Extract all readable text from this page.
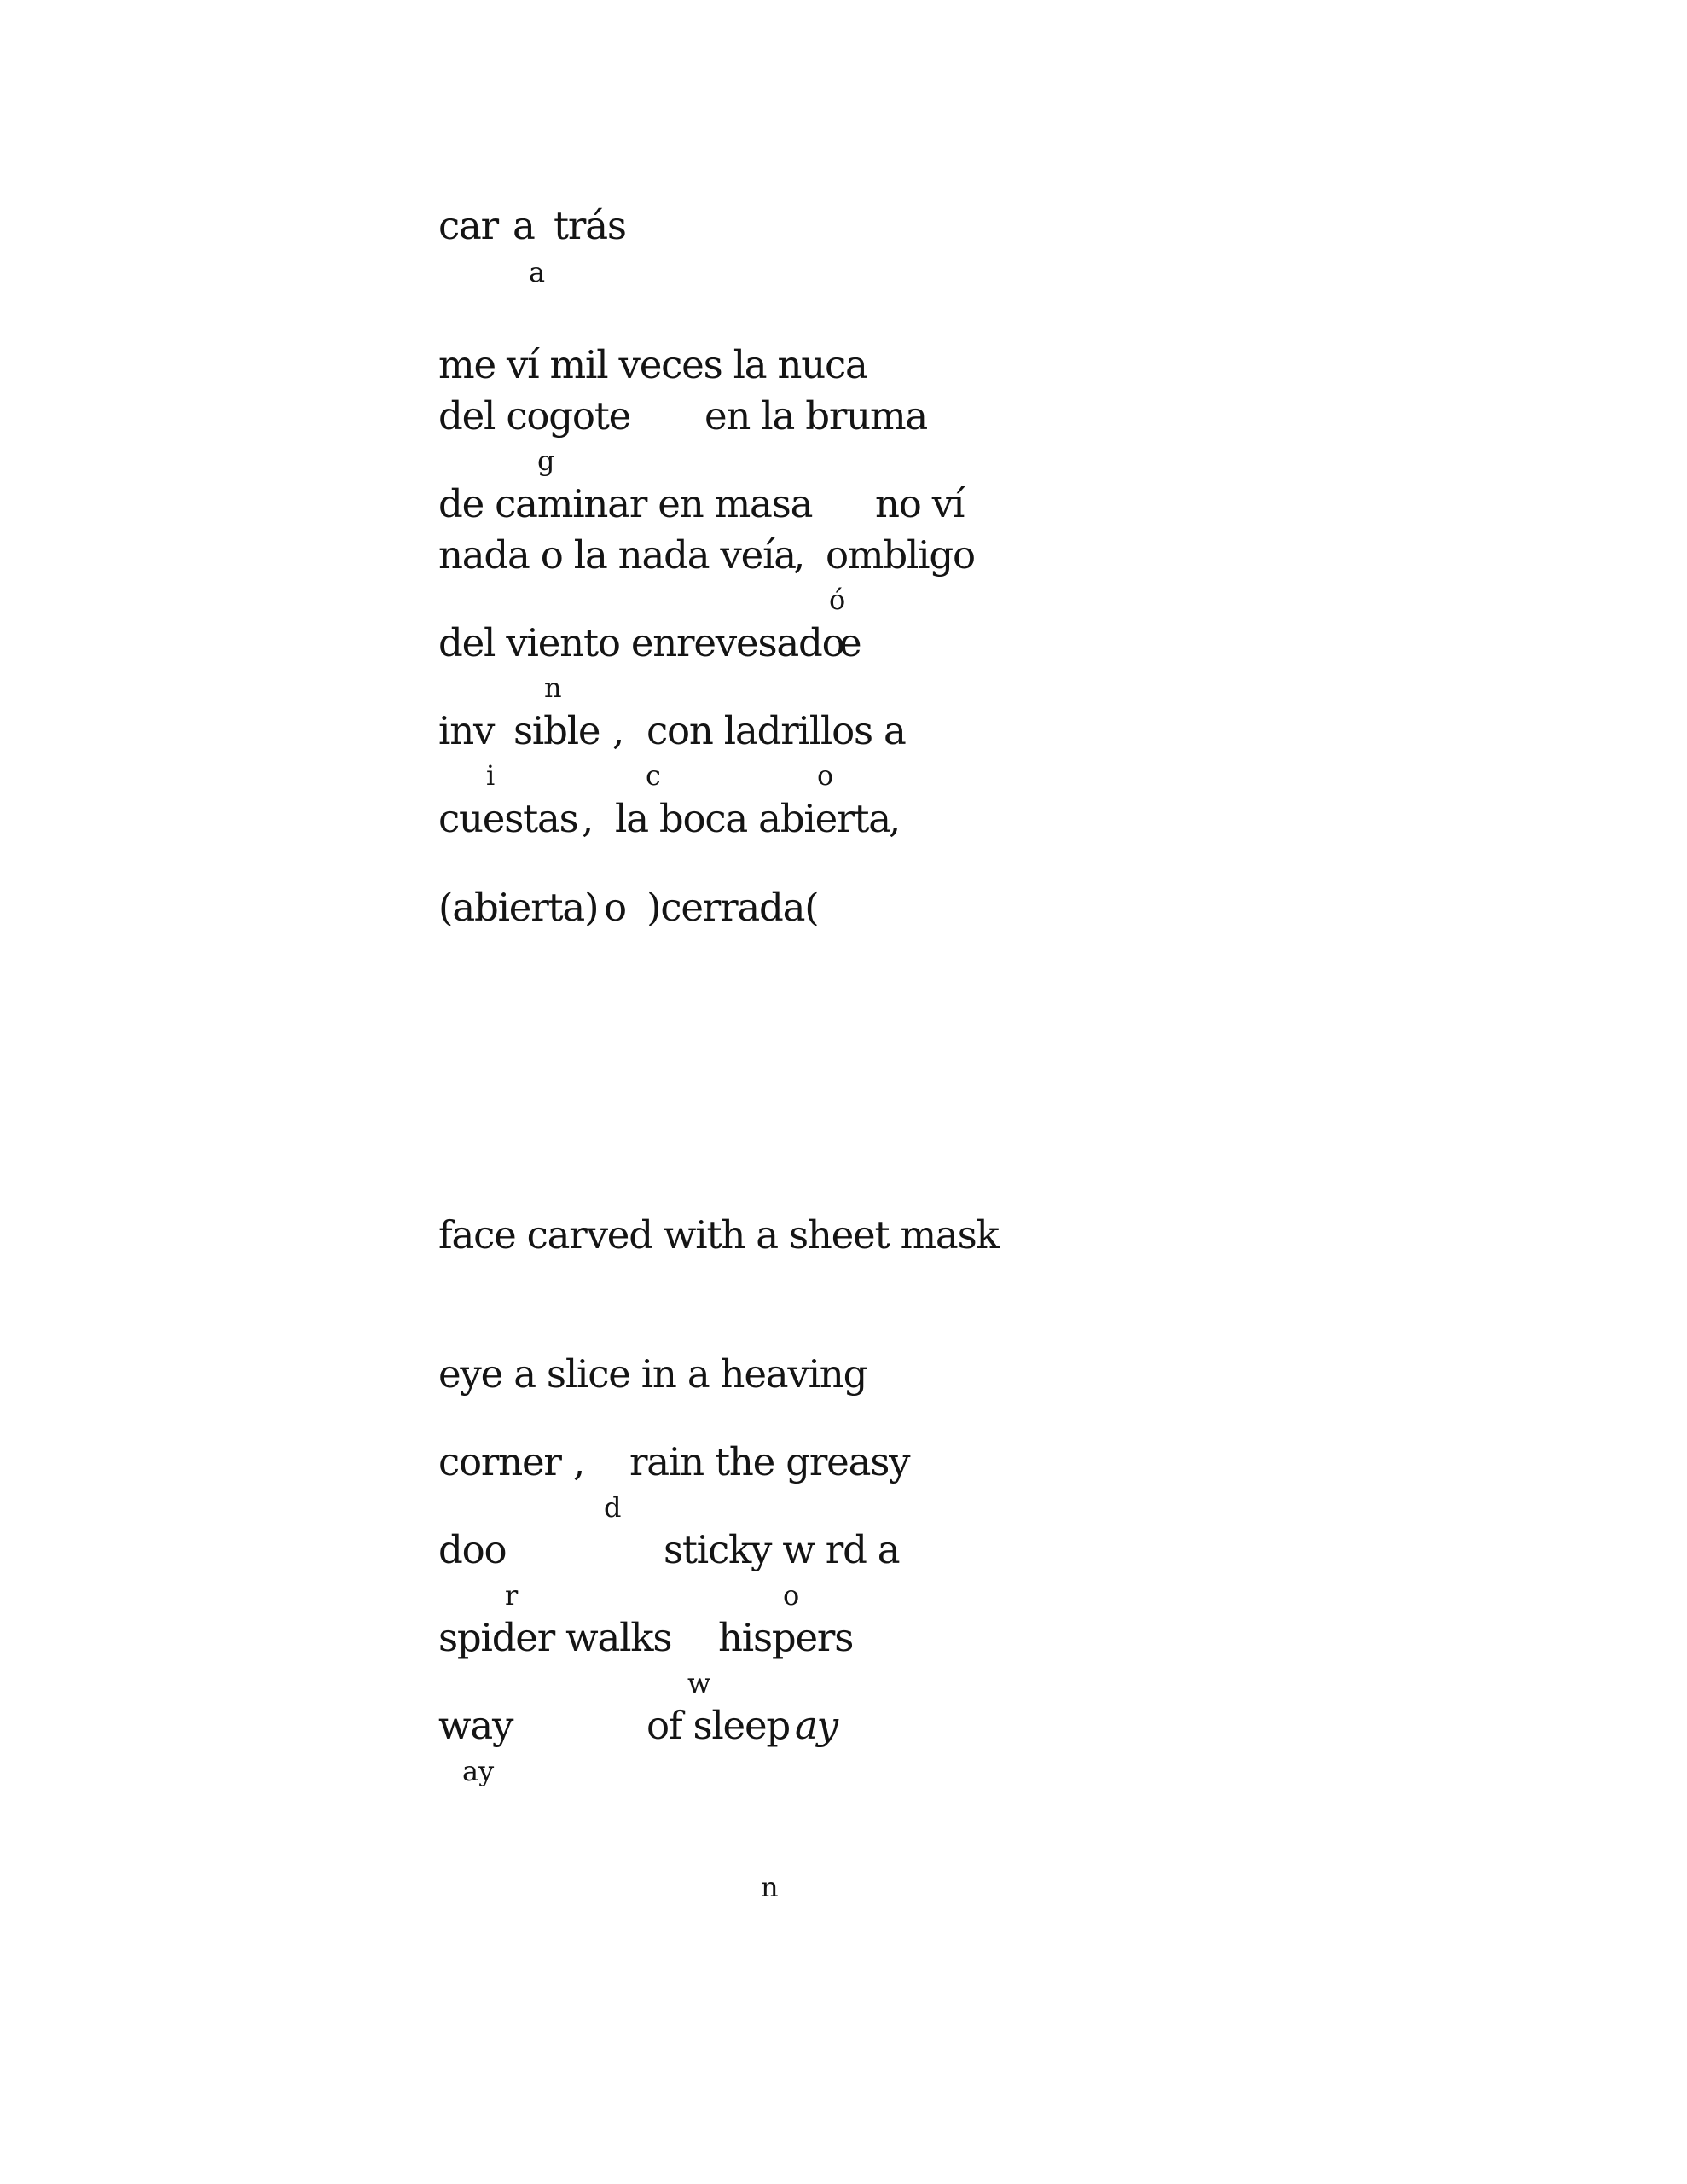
car a trás
a
me ví mil veces la nuca
del cogote en la bruma
g
de caminar en masa no ví
nada o la nada veía
, ombligo
ó
del viento enrevesado
e
n
inv sible , con ladrillos a
i	c	o
cuestas , la boca abierta
,
(abierta) o )cerrada(
face carved with a sheet mask
eye a slice in a heaving
corner , rain the greasy
d
doo	sticky w rd a
r	o
spider walks hispers
w
way	of sleep ay
ay
n
